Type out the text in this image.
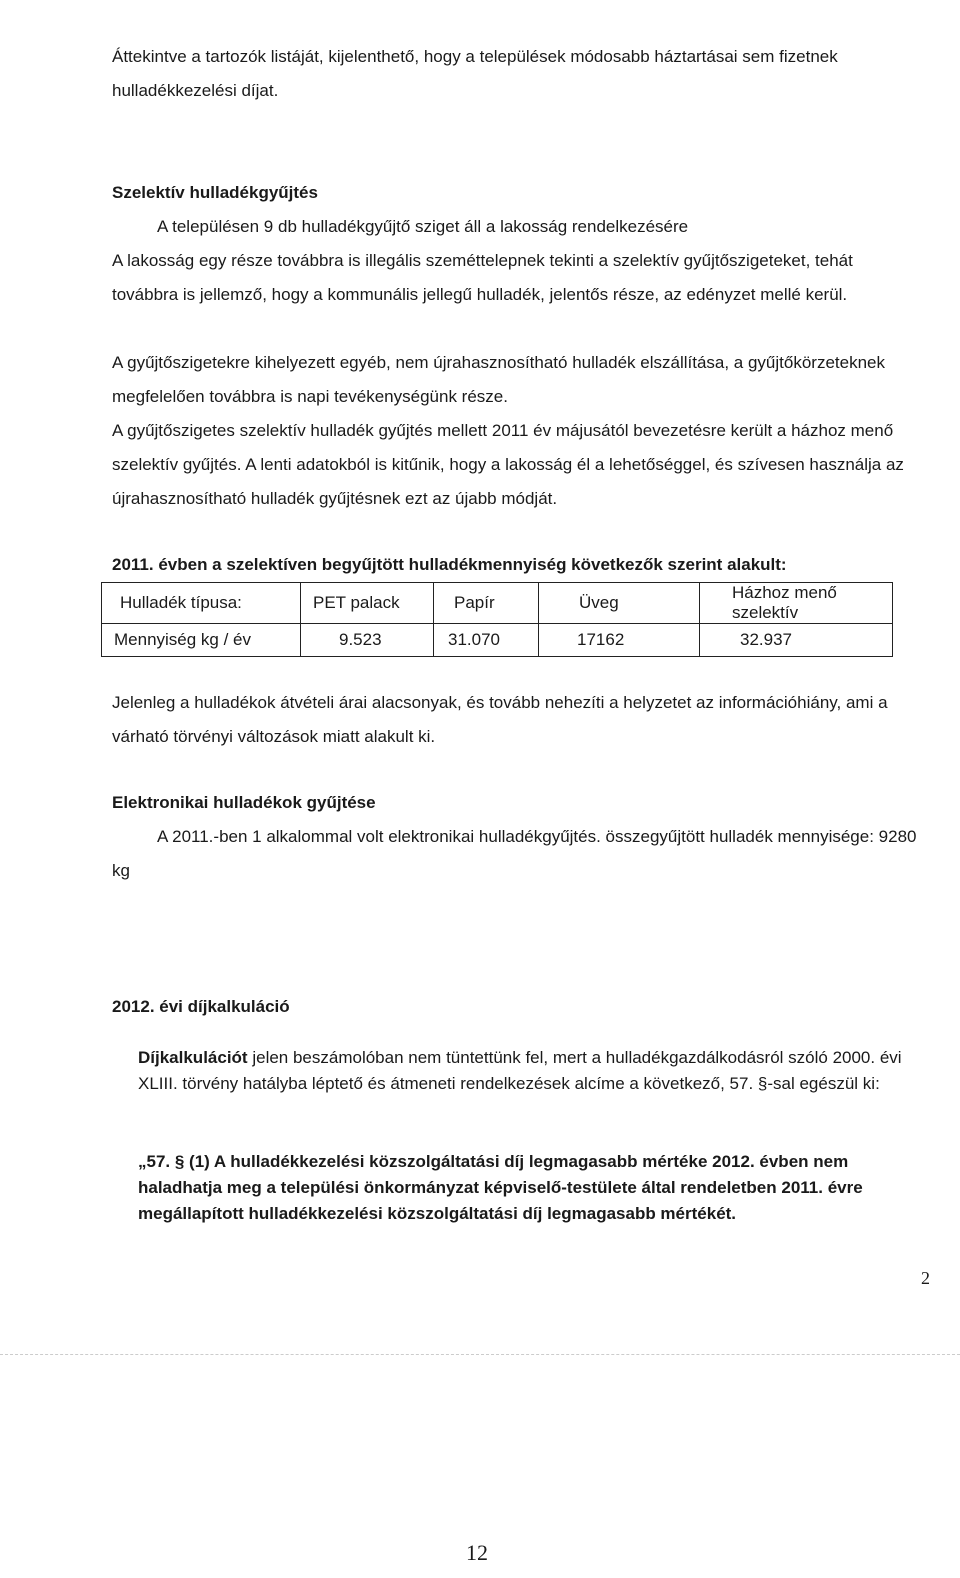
Áttekintve a tartozók listáját, kijelenthető, hogy a települések módosabb háztartásai sem fizetnek hulladékkezelési díjat.

Szelektív hulladékgyűjtés

A településen 9 db hulladékgyűjtő sziget áll a lakosság rendelkezésére

A lakosság egy része továbbra is illegális szeméttelepnek tekinti a szelektív gyűjtőszigeteket, tehát továbbra is jellemző, hogy a kommunális jellegű hulladék, jelentős része, az edényzet mellé kerül.

A gyűjtőszigetekre kihelyezett egyéb, nem újrahasznosítható hulladék elszállítása, a gyűjtőkörzeteknek megfelelően továbbra is napi tevékenységünk része.

A gyűjtőszigetes szelektív hulladék gyűjtés mellett 2011 év májusától bevezetésre került a házhoz menő szelektív gyűjtés. A lenti adatokból is kitűnik, hogy a lakosság él a lehetőséggel, és szívesen használja az újrahasznosítható hulladék gyűjtésnek ezt az újabb módját.

2011. évben a szelektíven begyűjtött hulladékmennyiség következők szerint alakult:

Hulladék típusa:	PET palack	Papír	Üveg	Házhoz menő szelektív
Mennyiség kg / év	9.523	31.070	17162	32.937

Jelenleg a hulladékok átvételi árai alacsonyak, és tovább nehezíti a helyzetet az információhiány, ami a várható törvényi változások miatt alakult ki.

Elektronikai hulladékok gyűjtése

A 2011.-ben 1 alkalommal volt elektronikai hulladékgyűjtés. összegyűjtött hulladék mennyisége: 9280 kg

2012. évi díjkalkuláció

Díjkalkulációt jelen beszámolóban nem tüntettünk fel, mert a hulladékgazdálkodásról szóló 2000. évi XLIII. törvény hatályba léptető és átmeneti rendelkezések alcíme a következő, 57. §-sal egészül ki:

„57. § (1) A hulladékkezelési közszolgáltatási díj legmagasabb mértéke 2012. évben nem haladhatja meg a települési önkormányzat képviselő-testülete által rendeletben 2011. évre megállapított hulladékkezelési közszolgáltatási díj legmagasabb mértékét.

2
12
